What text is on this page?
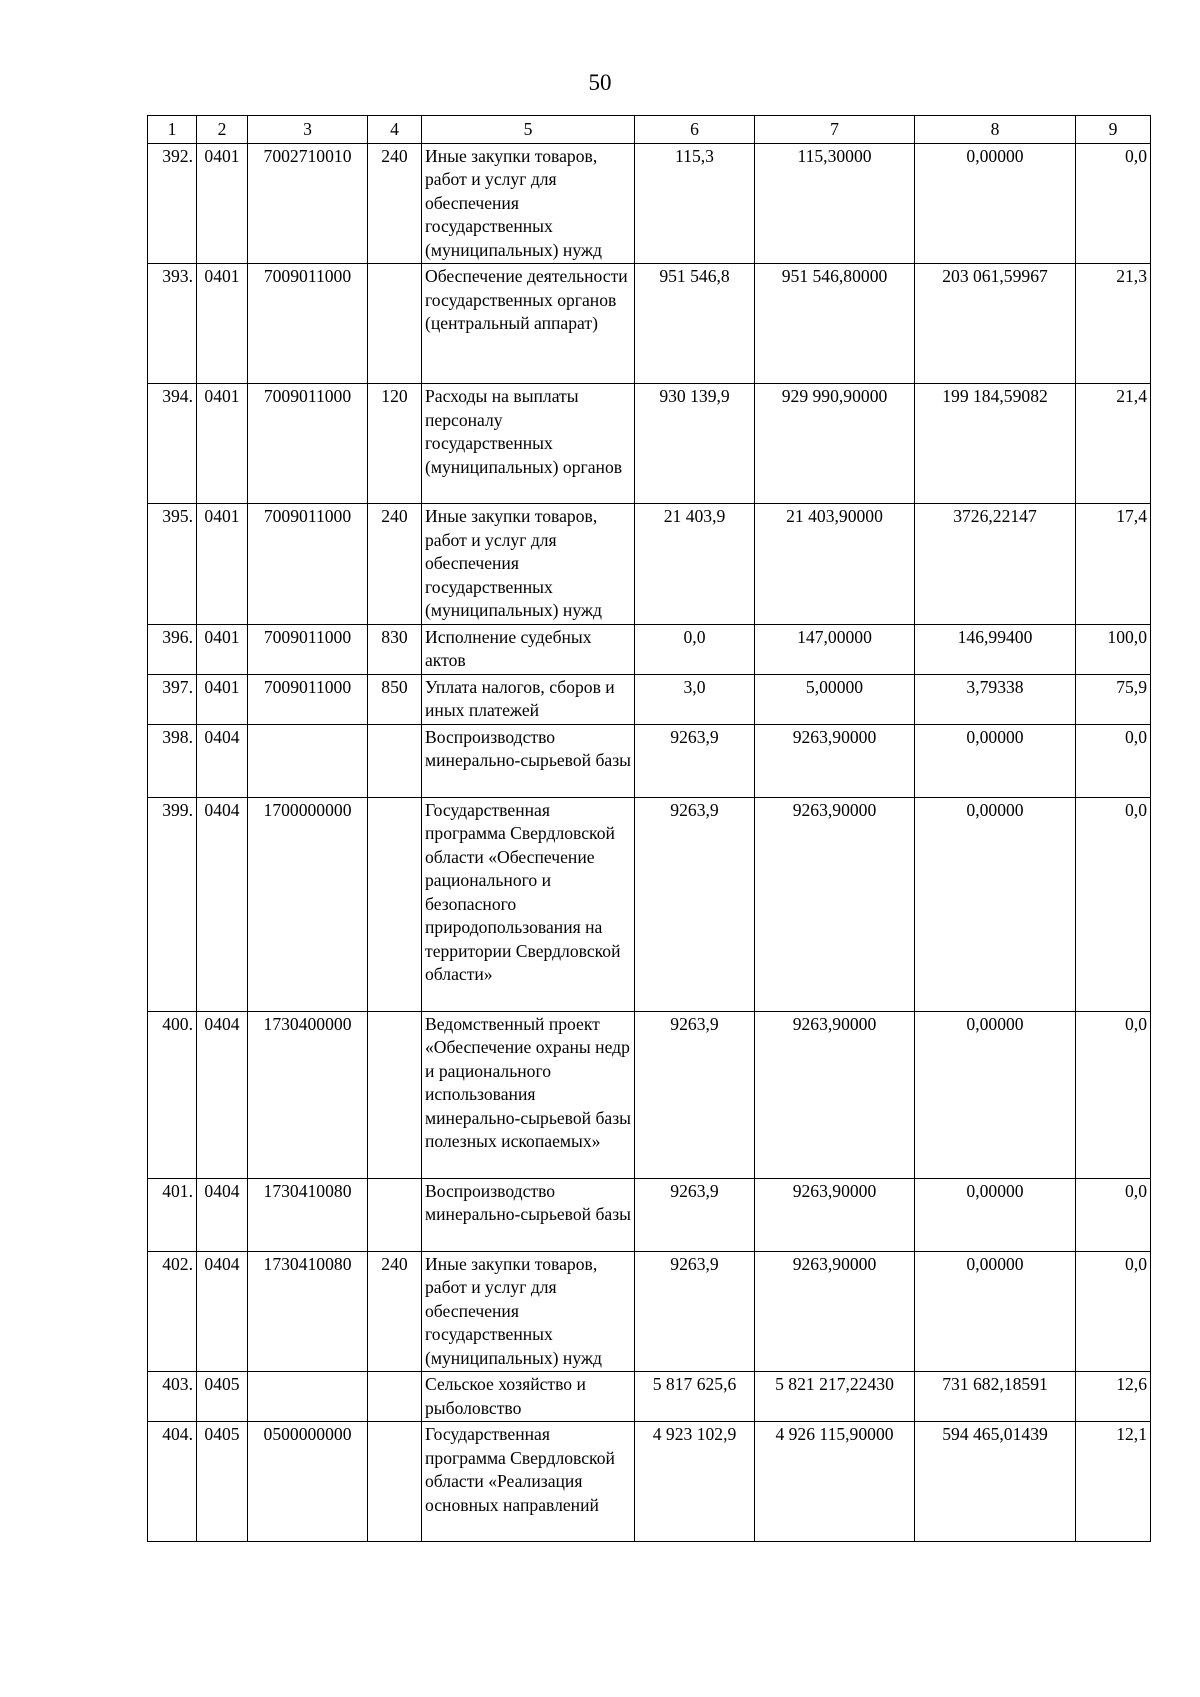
50
1	2	3	4	5	6	7	8	9
392.	0401	7002710010	240	Иные закупки товаров, работ и услуг для обеспечения государственных (муниципальных) нужд	115,3	115,30000	0,00000	0,0
393.	0401	7009011000		Обеспечение деятельности государственных органов (центральный аппарат)	951 546,8	951 546,80000	203 061,59967	21,3
394.	0401	7009011000	120	Расходы на выплаты персоналу государственных (муниципальных) органов	930 139,9	929 990,90000	199 184,59082	21,4
395.	0401	7009011000	240	Иные закупки товаров, работ и услуг для обеспечения государственных (муниципальных) нужд	21 403,9	21 403,90000	3726,22147	17,4
396.	0401	7009011000	830	Исполнение судебных актов	0,0	147,00000	146,99400	100,0
397.	0401	7009011000	850	Уплата налогов, сборов и иных платежей	3,0	5,00000	3,79338	75,9
398.	0404			Воспроизводство минерально-сырьевой базы	9263,9	9263,90000	0,00000	0,0
399.	0404	1700000000		Государственная программа Свердловской области «Обеспечение рационального и безопасного природопользования на территории Свердловской области»	9263,9	9263,90000	0,00000	0,0
400.	0404	1730400000		Ведомственный проект «Обеспечение охраны недр и рационального использования минерально-сырьевой базы полезных ископаемых»	9263,9	9263,90000	0,00000	0,0
401.	0404	1730410080		Воспроизводство минерально-сырьевой базы	9263,9	9263,90000	0,00000	0,0
402.	0404	1730410080	240	Иные закупки товаров, работ и услуг для обеспечения государственных (муниципальных) нужд	9263,9	9263,90000	0,00000	0,0
403.	0405			Сельское хозяйство и рыболовство	5 817 625,6	5 821 217,22430	731 682,18591	12,6
404.	0405	0500000000		Государственная программа Свердловской области «Реализация основных направлений	4 923 102,9	4 926 115,90000	594 465,01439	12,1
